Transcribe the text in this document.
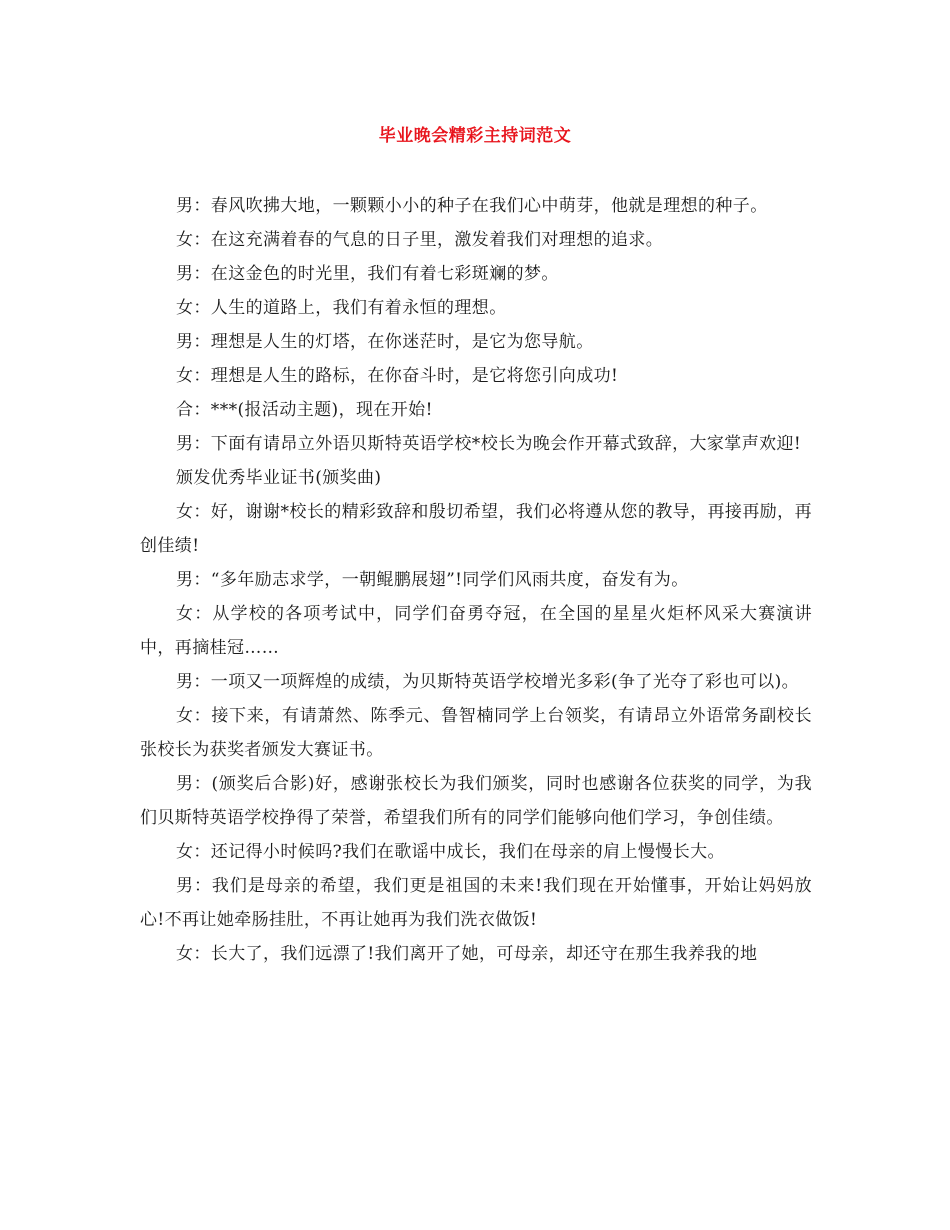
毕业晚会精彩主持词范文

男：春风吹拂大地，一颗颗小小的种子在我们心中萌芽，他就是理想的种子。

女：在这充满着春的气息的日子里，激发着我们对理想的追求。

男：在这金色的时光里，我们有着七彩斑斓的梦。

女：人生的道路上，我们有着永恒的理想。

男：理想是人生的灯塔，在你迷茫时，是它为您导航。

女：理想是人生的路标，在你奋斗时，是它将您引向成功!

合：***(报活动主题)，现在开始!

男：下面有请昂立外语贝斯特英语学校*校长为晚会作开幕式致辞，大家掌声欢迎!

颁发优秀毕业证书(颁奖曲)

女：好，谢谢*校长的精彩致辞和殷切希望，我们必将遵从您的教导，再接再励，再创佳绩!

男：“多年励志求学，一朝鲲鹏展翅”!同学们风雨共度，奋发有为。

女：从学校的各项考试中，同学们奋勇夺冠，在全国的星星火炬杯风采大赛演讲中，再摘桂冠……

男：一项又一项辉煌的成绩，为贝斯特英语学校增光多彩(争了光夺了彩也可以)。

女：接下来，有请萧然、陈季元、鲁智楠同学上台领奖，有请昂立外语常务副校长张校长为获奖者颁发大赛证书。

男：(颁奖后合影)好，感谢张校长为我们颁奖，同时也感谢各位获奖的同学，为我们贝斯特英语学校挣得了荣誉，希望我们所有的同学们能够向他们学习，争创佳绩。

女：还记得小时候吗?我们在歌谣中成长，我们在母亲的肩上慢慢长大。

男：我们是母亲的希望，我们更是祖国的未来!我们现在开始懂事，开始让妈妈放心!不再让她牵肠挂肚，不再让她再为我们洗衣做饭!

女：长大了，我们远漂了!我们离开了她，可母亲，却还守在那生我养我的地
